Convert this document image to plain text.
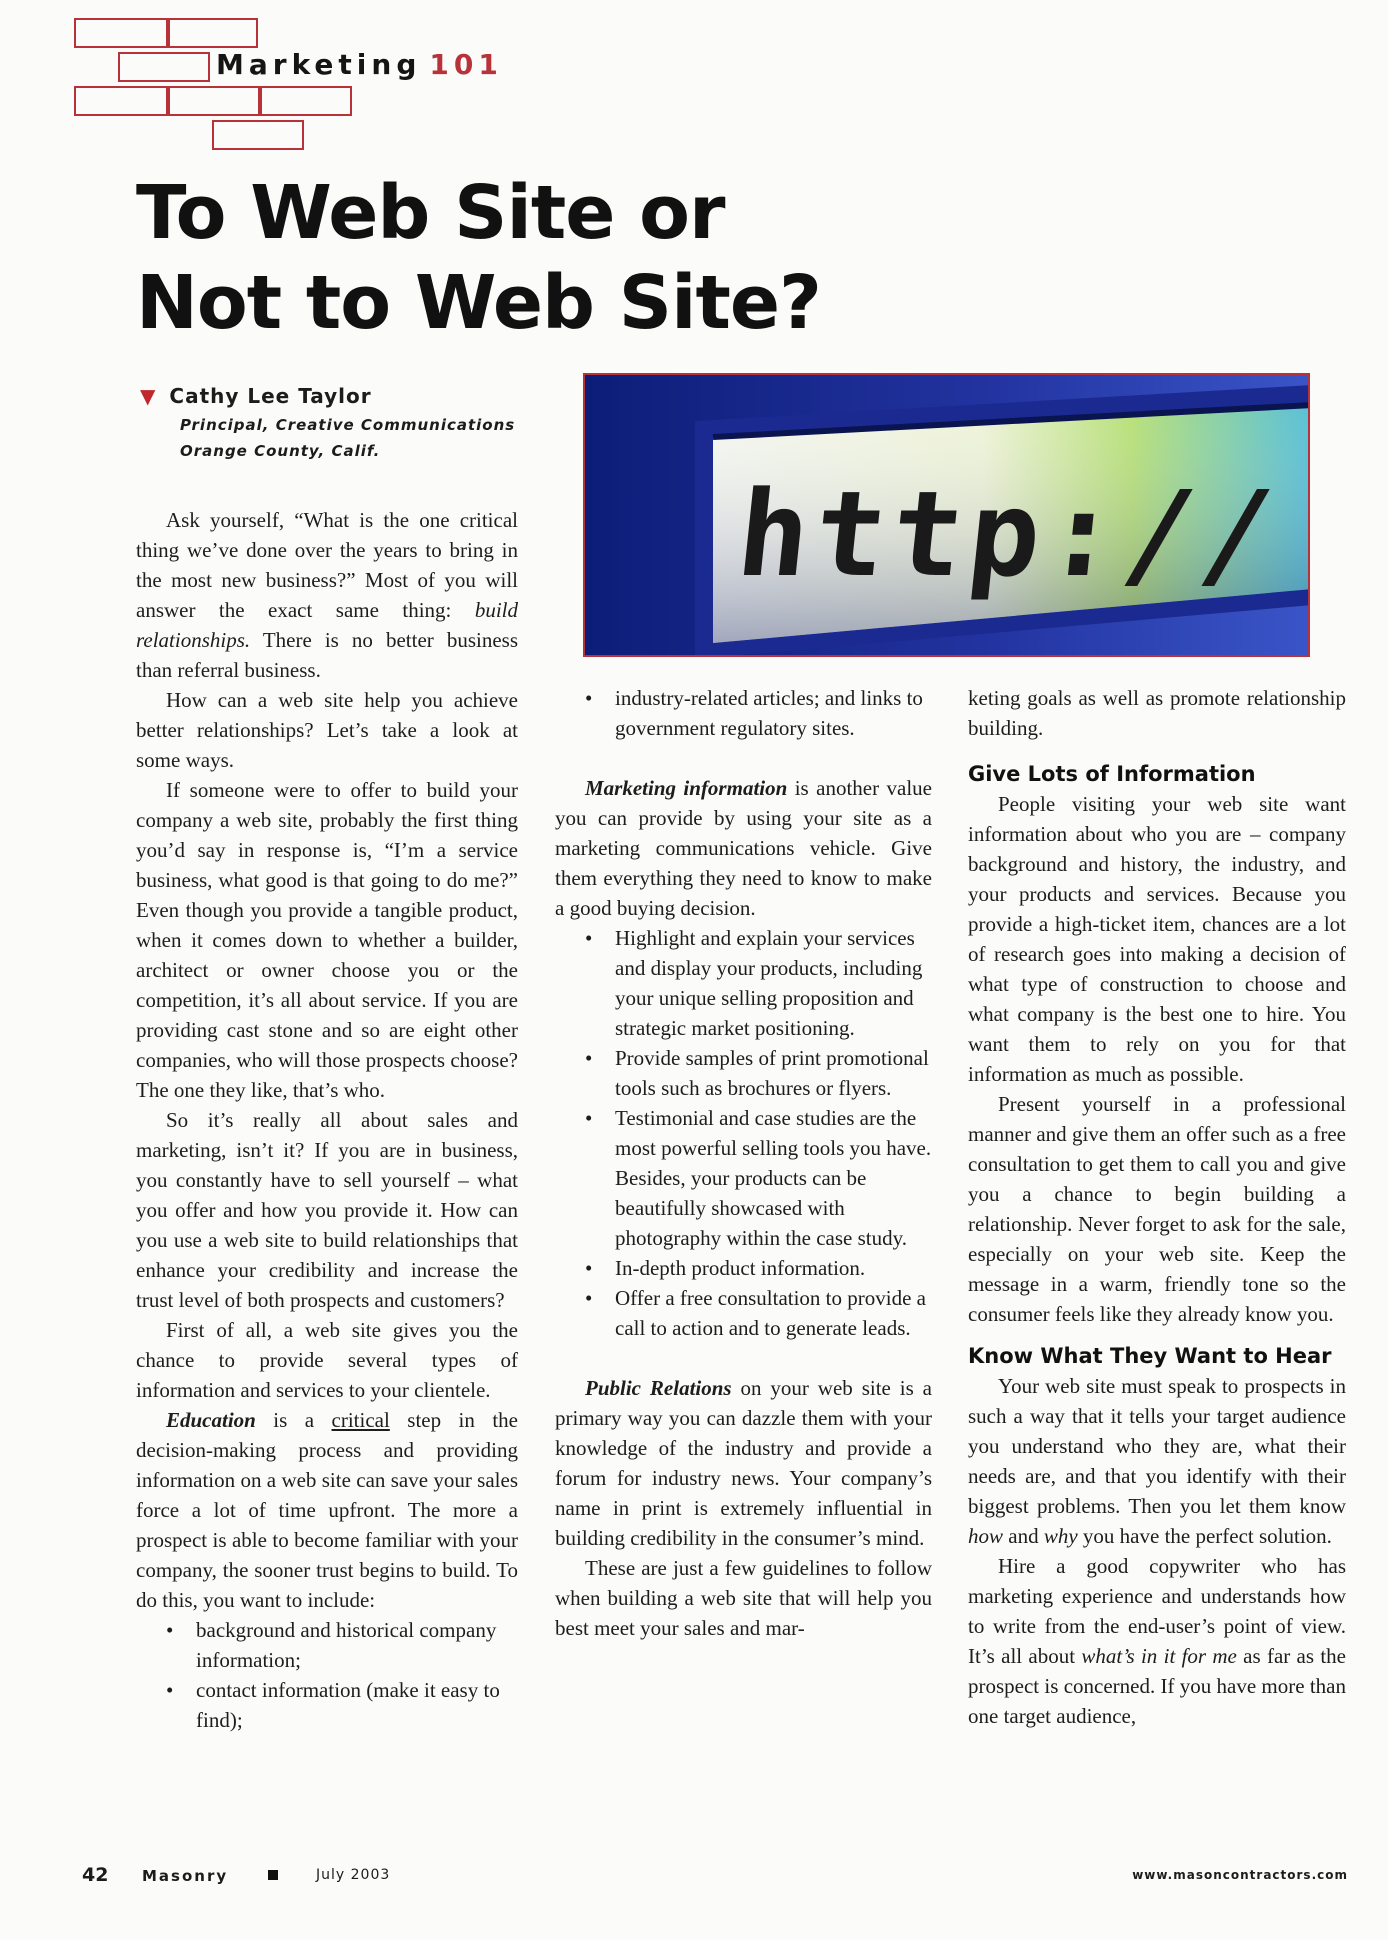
Marketing 101
To Web Site or
Not to Web Site?
▼ Cathy Lee Taylor
Principal, Creative Communications
Orange County, Calif.
http://

Ask yourself, “What is the one critical thing we’ve done over the years to bring in the most new business?” Most of you will answer the exact same thing: build relationships. There is no better business than referral business.

How can a web site help you achieve better relationships? Let’s take a look at some ways.

If someone were to offer to build your company a web site, probably the first thing you’d say in response is, “I’m a service business, what good is that going to do me?” Even though you provide a tangible product, when it comes down to whether a builder, architect or owner choose you or the competition, it’s all about service. If you are providing cast stone and so are eight other companies, who will those prospects choose? The one they like, that’s who.

So it’s really all about sales and marketing, isn’t it? If you are in business, you constantly have to sell yourself – what you offer and how you provide it. How can you use a web site to build relationships that enhance your credibility and increase the trust level of both prospects and customers?

First of all, a web site gives you the chance to provide several types of information and services to your clientele.

Education is a critical step in the decision-making process and providing information on a web site can save your sales force a lot of time upfront. The more a prospect is able to become familiar with your company, the sooner trust begins to build. To do this, you want to include:

• background and historical company information;
• contact information (make it easy to find);
• industry-related articles; and links to government regulatory sites.

Marketing information is another value you can provide by using your site as a marketing communications vehicle. Give them everything they need to know to make a good buying decision.

• Highlight and explain your services and display your products, including your unique selling proposition and strategic market positioning.
• Provide samples of print promotional tools such as brochures or flyers.
• Testimonial and case studies are the most powerful selling tools you have. Besides, your products can be beautifully showcased with photography within the case study.
• In-depth product information.
• Offer a free consultation to provide a call to action and to generate leads.

Public Relations on your web site is a primary way you can dazzle them with your knowledge of the industry and provide a forum for industry news. Your company’s name in print is extremely influential in building credibility in the consumer’s mind.

These are just a few guidelines to follow when building a web site that will help you best meet your sales and mar-

keting goals as well as promote relationship building.

Give Lots of Information

People visiting your web site want information about who you are – company background and history, the industry, and your products and services. Because you provide a high-ticket item, chances are a lot of research goes into making a decision of what type of construction to choose and what company is the best one to hire. You want them to rely on you for that information as much as possible.

Present yourself in a professional manner and give them an offer such as a free consultation to get them to call you and give you a chance to begin building a relationship. Never forget to ask for the sale, especially on your web site. Keep the message in a warm, friendly tone so the consumer feels like they already know you.

Know What They Want to Hear

Your web site must speak to prospects in such a way that it tells your target audience you understand who they are, what their needs are, and that you identify with their biggest problems. Then you let them know how and why you have the perfect solution.

Hire a good copywriter who has marketing experience and understands how to write from the end-user’s point of view. It’s all about what’s in it for me as far as the prospect is concerned. If you have more than one target audience,

42 Masonry	July 2003	www.masoncontractors.com
